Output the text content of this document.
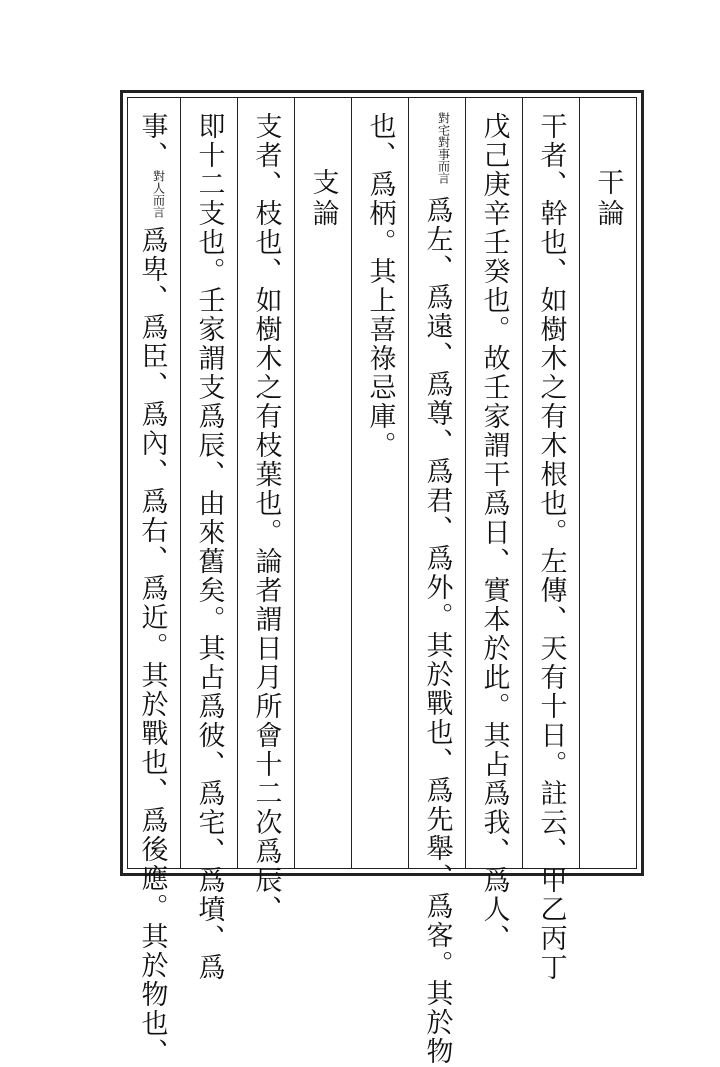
干論
干者、幹也、如樹木之有木根也。左傳、天有十日。註云、甲乙丙丁
戊己庚辛壬癸也。故壬家謂干爲日、實本於此。其占爲我、爲人、
對宅對事而言爲左、爲遠、爲尊、爲君、爲外。其於戰也、爲先舉、爲客。其於物
也、爲柄。其上喜祿忌庫。
支論
支者、枝也、如樹木之有枝葉也。論者謂日月所會十二次爲辰、
即十二支也。壬家謂支爲辰、由來舊矣。其占爲彼、爲宅、爲墳、爲
事、對人而言爲卑、爲臣、爲內、爲右、爲近。其於戰也、爲後應。其於物也、
